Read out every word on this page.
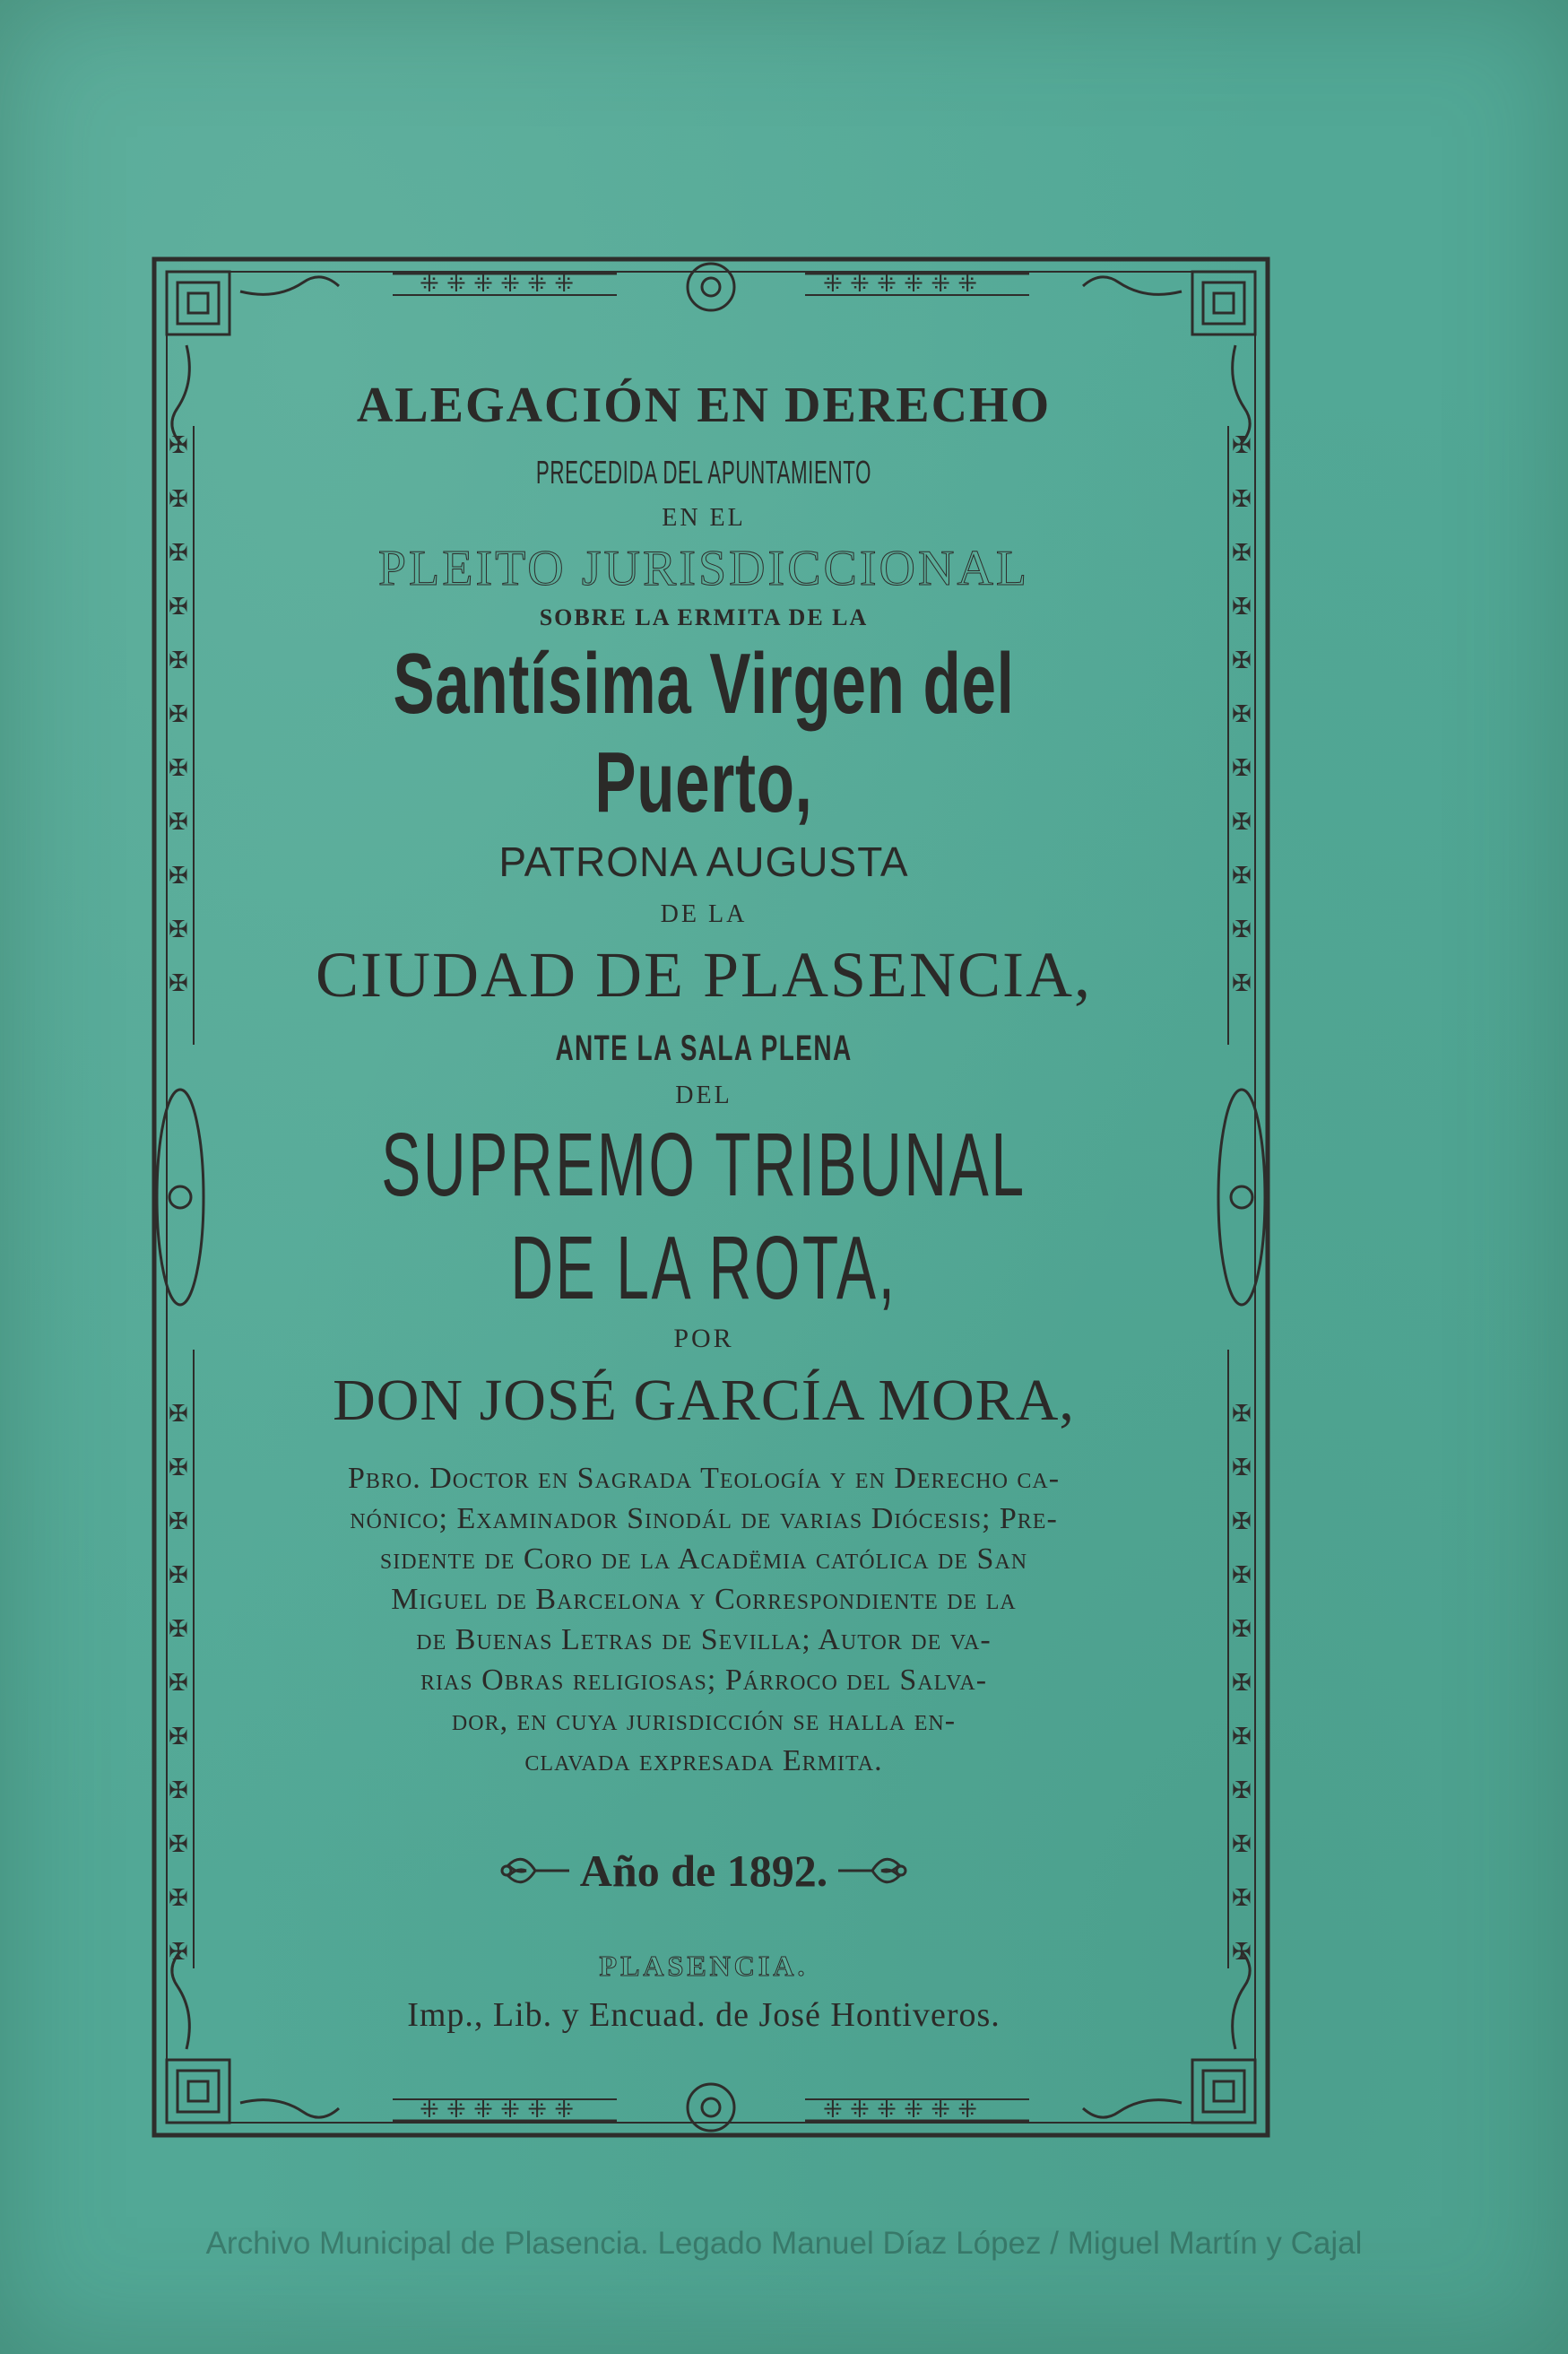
⁜ ⁜ ⁜ ⁜ ⁜ ⁜	⁜ ⁜ ⁜ ⁜ ⁜ ⁜
⁜ ⁜ ⁜ ⁜ ⁜ ⁜	⁜ ⁜ ⁜ ⁜ ⁜ ⁜
✠
✠
✠
✠
✠
✠
✠
✠
✠
✠
✠
✠
✠
✠
✠
✠
✠
✠
✠
✠
✠
✠
✠
✠
✠
✠
✠
✠
✠
✠
✠
✠
✠
✠
✠
✠
✠
✠
✠
✠
✠
✠
✠
✠
ALEGACIÓN EN DERECHO
PRECEDIDA DEL APUNTAMIENTO
EN EL
PLEITO JURISDICCIONAL
SOBRE LA ERMITA DE LA
Santísima Virgen del Puerto,
PATRONA AUGUSTA
DE LA
CIUDAD DE PLASENCIA,
ANTE LA SALA PLENA
DEL
SUPREMO TRIBUNAL DE LA ROTA,
POR
DON JOSÉ GARCÍA MORA,
Pbro. Doctor en Sagrada Teología y en Derecho ca-
nónico; Examinador Sinodál de varias Diócesis; Pre-
sidente de Coro de la Acadëmia católica de San
Miguel de Barcelona y Correspondiente de la
de Buenas Letras de Sevilla; Autor de va-
rias Obras religiosas; Párroco del Salva-
dor, en cuya jurisdicción se halla en-
clavada expresada Ermita.
Año de 1892.
PLASENCIA.
Imp., Lib. y Encuad. de José Hontiveros.
Archivo Municipal de Plasencia. Legado Manuel Díaz López / Miguel Martín y Cajal
